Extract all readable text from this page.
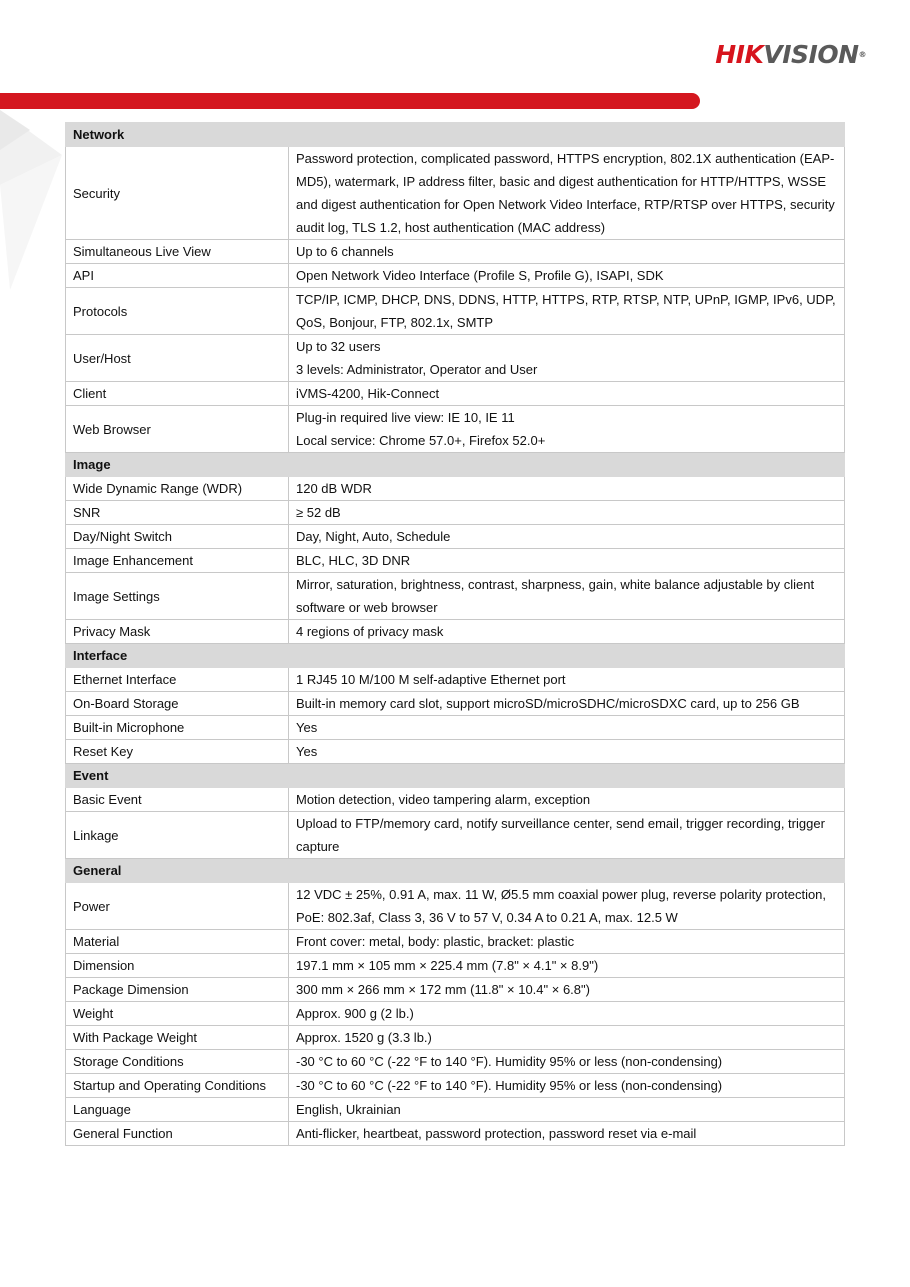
HIKVISION®
Network	
Security	Password protection, complicated password, HTTPS encryption, 802.1X authentication (EAP-MD5), watermark, IP address filter, basic and digest authentication for HTTP/HTTPS, WSSE and digest authentication for Open Network Video Interface, RTP/RTSP over HTTPS, security audit log, TLS 1.2, host authentication (MAC address)

Simultaneous Live View	Up to 6 channels

API	Open Network Video Interface (Profile S, Profile G), ISAPI, SDK

Protocols	TCP/IP, ICMP, DHCP, DNS, DDNS, HTTP, HTTPS, RTP, RTSP, NTP, UPnP, IGMP, IPv6, UDP, QoS, Bonjour, FTP, 802.1x, SMTP

User/Host	Up to 32 users
3 levels: Administrator, Operator and User

Client	iVMS-4200, Hik-Connect

Web Browser	Plug-in required live view: IE 10, IE 11
Local service: Chrome 57.0+, Firefox 52.0+

Image	
Wide Dynamic Range (WDR)	120 dB WDR

SNR	≥ 52 dB

Day/Night Switch	Day, Night, Auto, Schedule

Image Enhancement	BLC, HLC, 3D DNR

Image Settings	Mirror, saturation, brightness, contrast, sharpness, gain, white balance adjustable by client software or web browser

Privacy Mask	4 regions of privacy mask

Interface	
Ethernet Interface	1 RJ45 10 M/100 M self-adaptive Ethernet port

On-Board Storage	Built-in memory card slot, support microSD/microSDHC/microSDXC card, up to 256 GB

Built-in Microphone	Yes

Reset Key	Yes

Event	
Basic Event	Motion detection, video tampering alarm, exception

Linkage	Upload to FTP/memory card, notify surveillance center, send email, trigger recording, trigger capture

General	
Power	12 VDC ± 25%, 0.91 A, max. 11 W, Ø5.5 mm coaxial power plug, reverse polarity protection,
PoE: 802.3af, Class 3, 36 V to 57 V, 0.34 A to 0.21 A, max. 12.5 W

Material	Front cover: metal, body: plastic, bracket: plastic

Dimension	197.1 mm × 105 mm × 225.4 mm (7.8" × 4.1" × 8.9")

Package Dimension	300 mm × 266 mm × 172 mm (11.8" × 10.4" × 6.8")

Weight	Approx. 900 g (2 lb.)

With Package Weight	Approx. 1520 g (3.3 lb.)

Storage Conditions	-30 °C to 60 °C (-22 °F to 140 °F). Humidity 95% or less (non-condensing)

Startup and Operating Conditions	-30 °C to 60 °C (-22 °F to 140 °F). Humidity 95% or less (non-condensing)

Language	English, Ukrainian

General Function	Anti-flicker, heartbeat, password protection, password reset via e-mail
